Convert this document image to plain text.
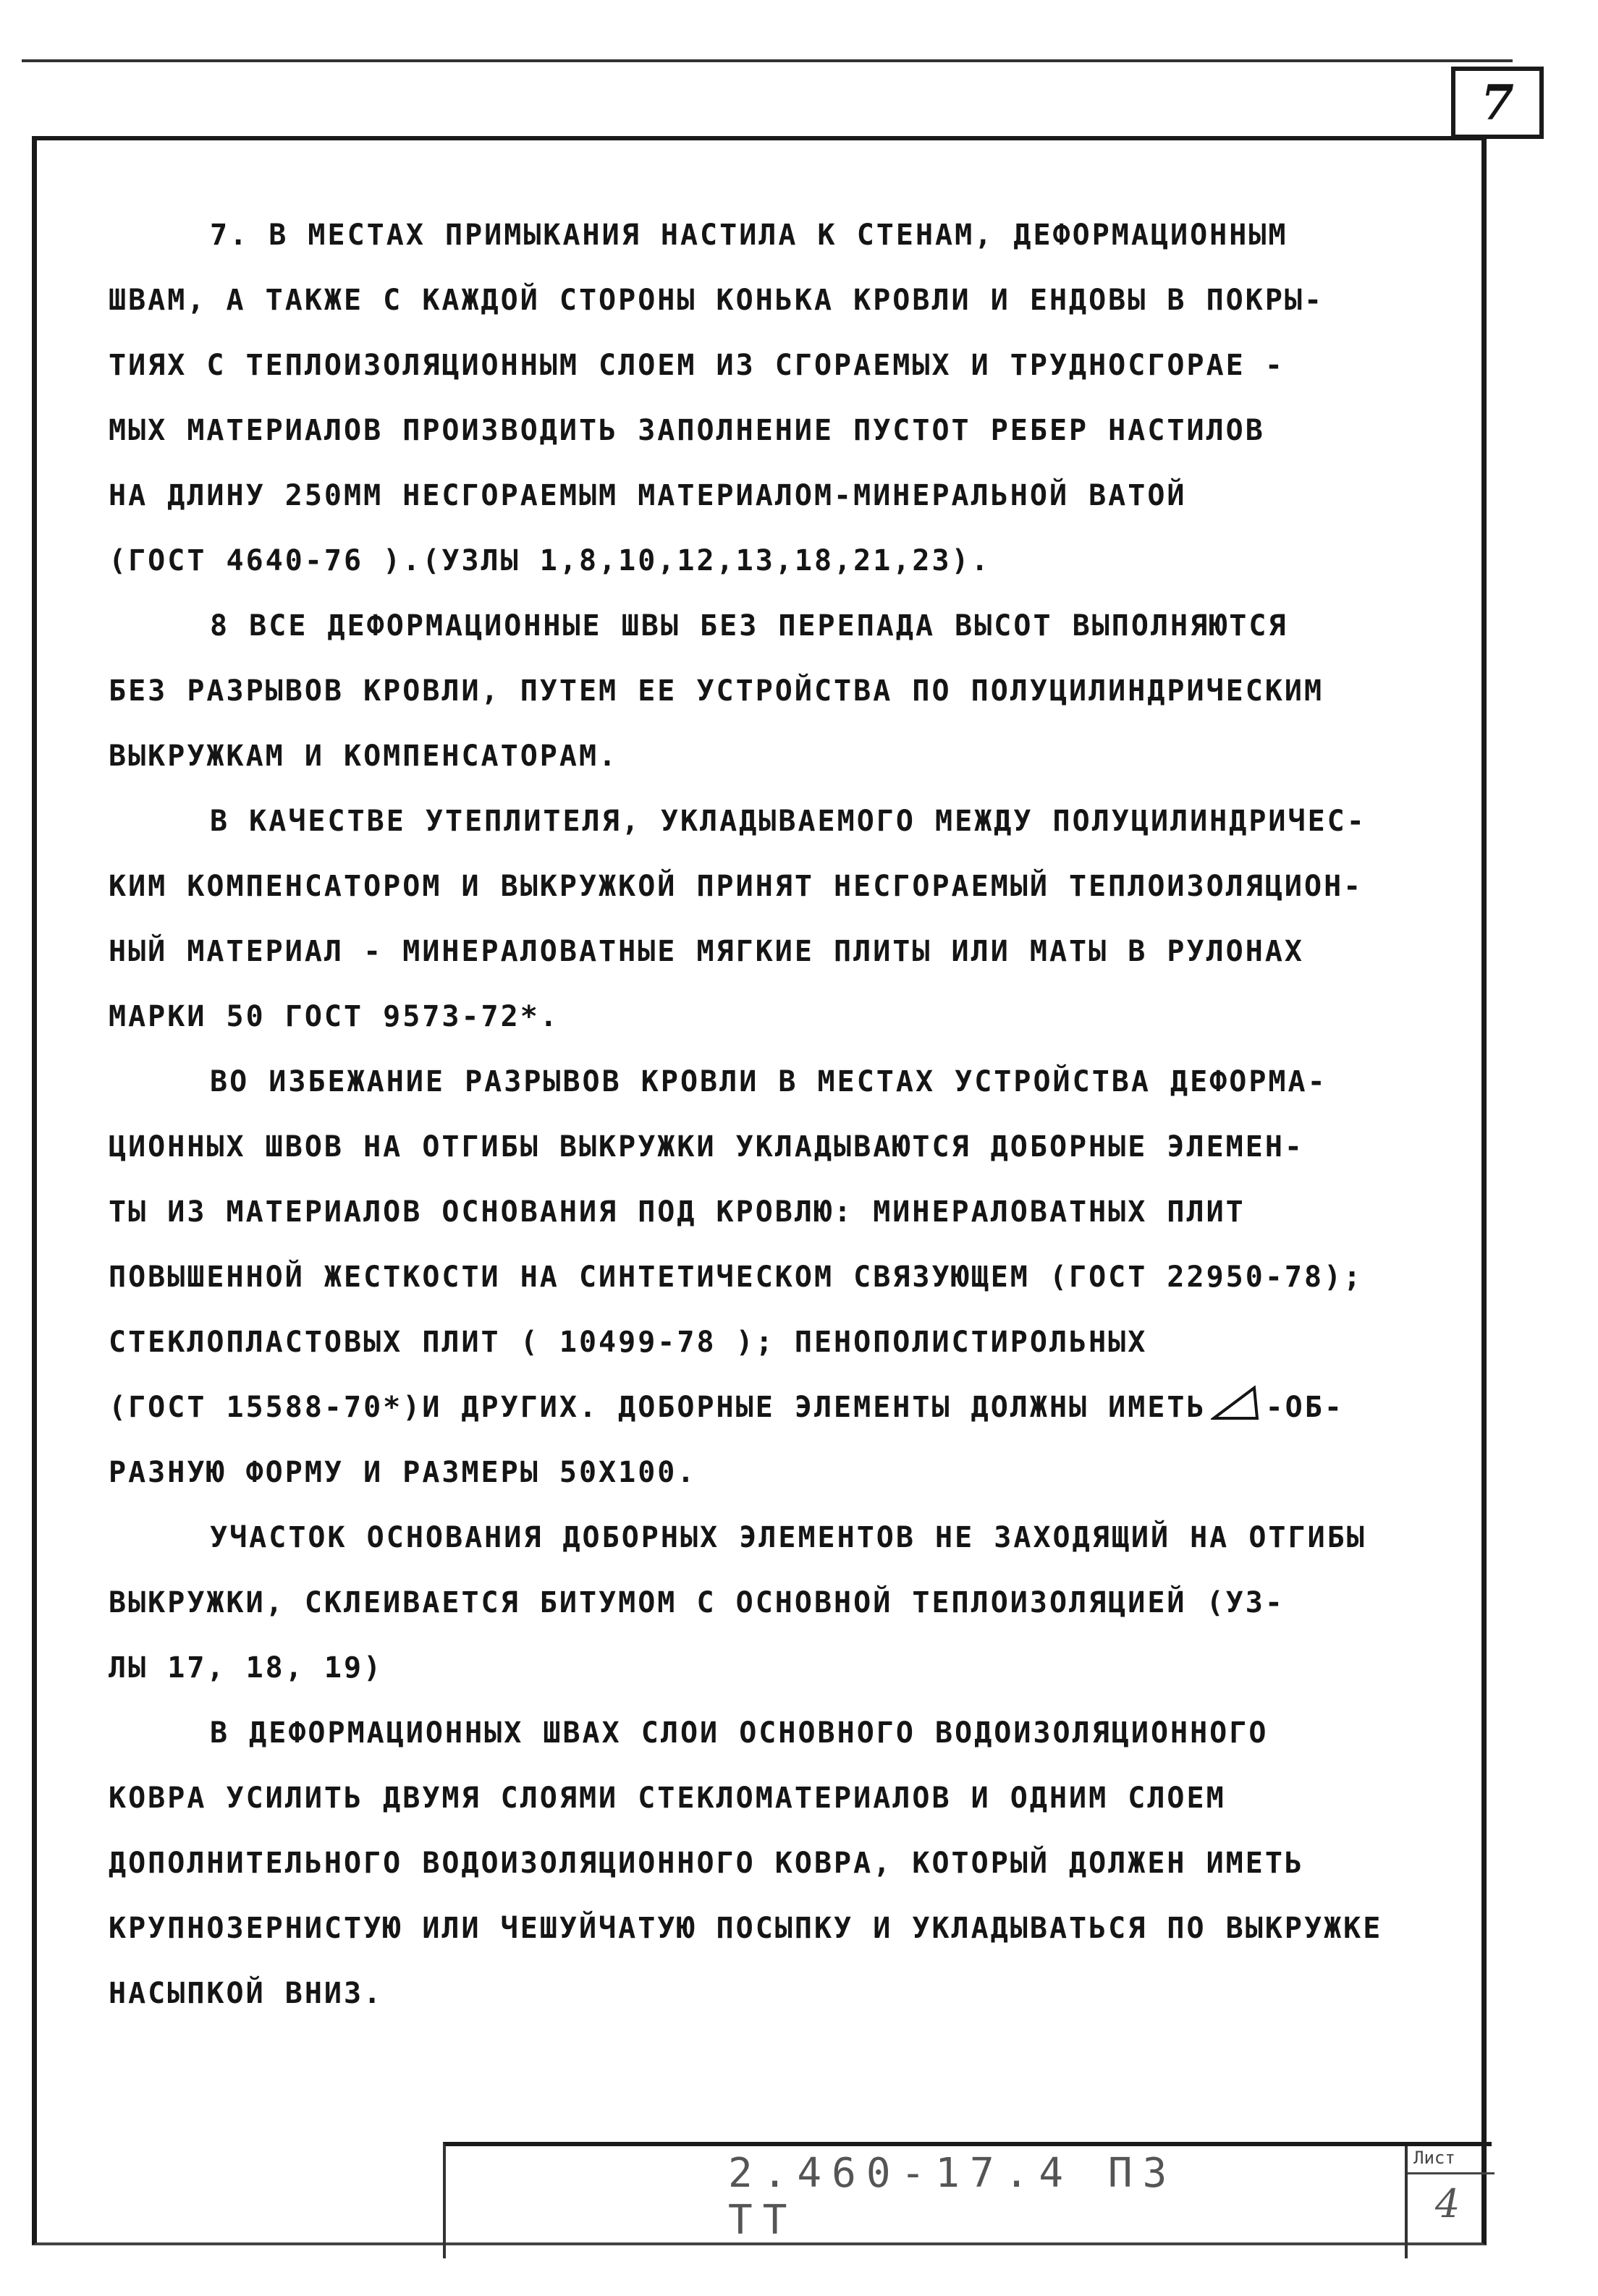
7
7. В МЕСТАХ ПРИМЫКАНИЯ НАСТИЛА К СТЕНАМ, ДЕФОРМАЦИОННЫМ
ШВАМ, А ТАКЖЕ С КАЖДОЙ СТОРОНЫ КОНЬКА КРОВЛИ И ЕНДОВЫ В ПОКРЫ-
ТИЯХ С ТЕПЛОИЗОЛЯЦИОННЫМ СЛОЕМ ИЗ СГОРАЕМЫХ И ТРУДНОСГОРАЕ -
МЫХ МАТЕРИАЛОВ ПРОИЗВОДИТЬ ЗАПОЛНЕНИЕ ПУСТОТ РЕБЕР НАСТИЛОВ
НА ДЛИНУ 250ММ НЕСГОРАЕМЫМ МАТЕРИАЛОМ-МИНЕРАЛЬНОЙ ВАТОЙ
(ГОСТ 4640-76 ).(УЗЛЫ 1,8,10,12,13,18,21,23).
8 ВСЕ ДЕФОРМАЦИОННЫЕ ШВЫ БЕЗ ПЕРЕПАДА ВЫСОТ ВЫПОЛНЯЮТСЯ
БЕЗ РАЗРЫВОВ КРОВЛИ, ПУТЕМ ЕЕ УСТРОЙСТВА ПО ПОЛУЦИЛИНДРИЧЕСКИМ
ВЫКРУЖКАМ И КОМПЕНСАТОРАМ.
В КАЧЕСТВЕ УТЕПЛИТЕЛЯ, УКЛАДЫВАЕМОГО МЕЖДУ ПОЛУЦИЛИНДРИЧЕС-
КИМ КОМПЕНСАТОРОМ И ВЫКРУЖКОЙ ПРИНЯТ НЕСГОРАЕМЫЙ ТЕПЛОИЗОЛЯЦИОН-
НЫЙ МАТЕРИАЛ - МИНЕРАЛОВАТНЫЕ МЯГКИЕ ПЛИТЫ ИЛИ МАТЫ В РУЛОНАХ
МАРКИ 50 ГОСТ 9573-72*.
ВО ИЗБЕЖАНИЕ РАЗРЫВОВ КРОВЛИ В МЕСТАХ УСТРОЙСТВА ДЕФОРМА-
ЦИОННЫХ ШВОВ НА ОТГИБЫ ВЫКРУЖКИ УКЛАДЫВАЮТСЯ ДОБОРНЫЕ ЭЛЕМЕН-
ТЫ ИЗ МАТЕРИАЛОВ ОСНОВАНИЯ ПОД КРОВЛЮ: МИНЕРАЛОВАТНЫХ ПЛИТ
ПОВЫШЕННОЙ ЖЕСТКОСТИ НА СИНТЕТИЧЕСКОМ СВЯЗУЮЩЕМ (ГОСТ 22950-78);
СТЕКЛОПЛАСТОВЫХ ПЛИТ ( 10499-78 ); ПЕНОПОЛИСТИРОЛЬНЫХ
(ГОСТ 15588-70*)И ДРУГИХ. ДОБОРНЫЕ ЭЛЕМЕНТЫ ДОЛЖНЫ ИМЕТЬ -ОБ-
РАЗНУЮ ФОРМУ И РАЗМЕРЫ 50Х100.
УЧАСТОК ОСНОВАНИЯ ДОБОРНЫХ ЭЛЕМЕНТОВ НЕ ЗАХОДЯЩИЙ НА ОТГИБЫ
ВЫКРУЖКИ, СКЛЕИВАЕТСЯ БИТУМОМ С ОСНОВНОЙ ТЕПЛОИЗОЛЯЦИЕЙ (УЗ-
ЛЫ 17, 18, 19)
В ДЕФОРМАЦИОННЫХ ШВАХ СЛОИ ОСНОВНОГО ВОДОИЗОЛЯЦИОННОГО
КОВРА УСИЛИТЬ ДВУМЯ СЛОЯМИ СТЕКЛОМАТЕРИАЛОВ И ОДНИМ СЛОЕМ
ДОПОЛНИТЕЛЬНОГО ВОДОИЗОЛЯЦИОННОГО КОВРА, КОТОРЫЙ ДОЛЖЕН ИМЕТЬ
КРУПНОЗЕРНИСТУЮ ИЛИ ЧЕШУЙЧАТУЮ ПОСЫПКУ И УКЛАДЫВАТЬСЯ ПО ВЫКРУЖКЕ
НАСЫПКОЙ ВНИЗ.
2.460-17.4 ПЗ ТТ
Лист
4
